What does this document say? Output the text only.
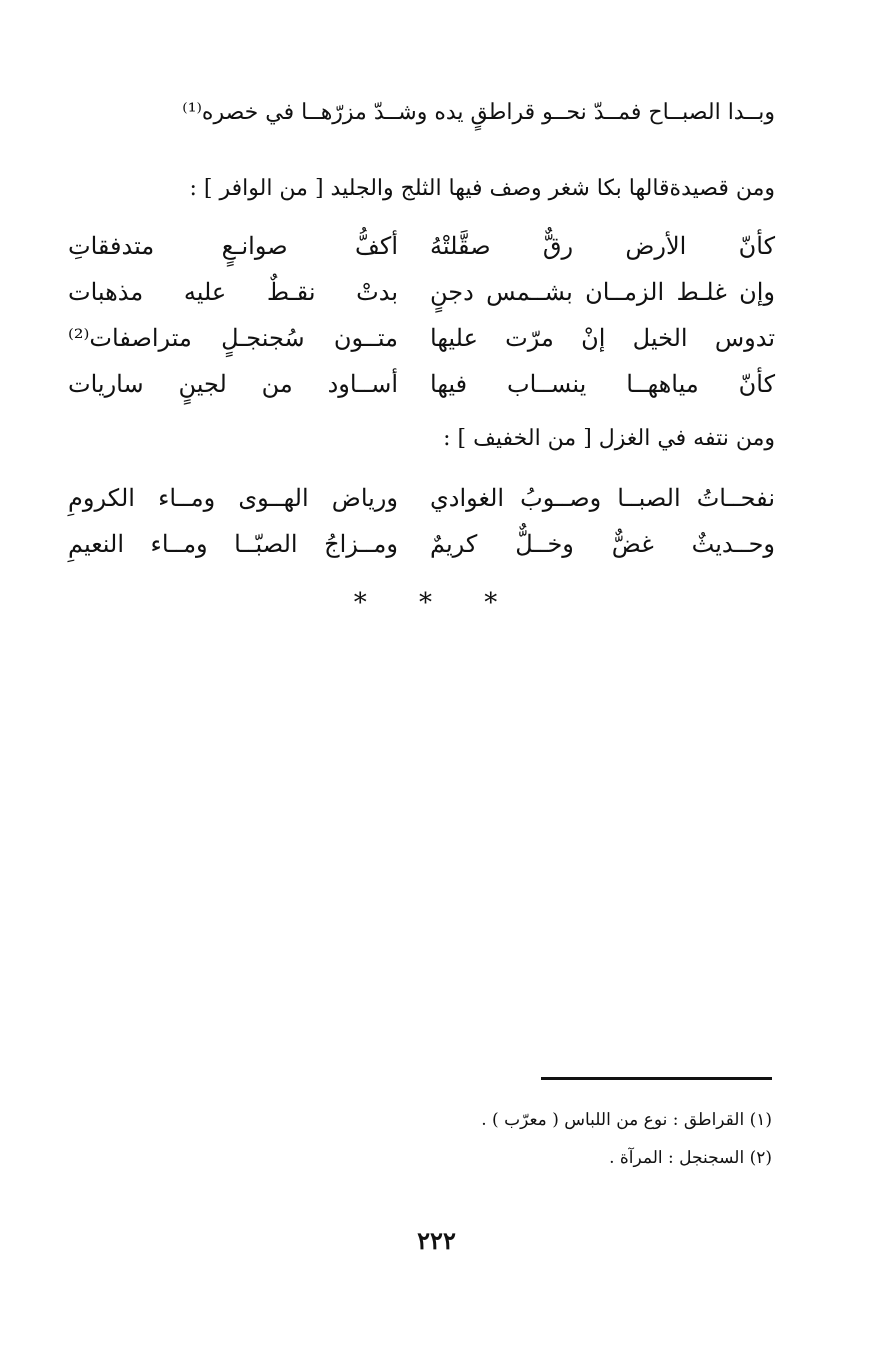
وبــدا الصبــاح فمــدّ نحــو قراطقٍ يده وشــدّ مزرّهــا في خصره⁽¹⁾
ومن قصيدةقالها بكا شغر وصف فيها الثلج والجليد [ من الوافر ] :
كأنّ الأرض رقٌّ صقَّلتْهُ
أكفُّ صوانـعٍ متدفقاتِ
وإن غلـط الزمــان بشــمس دجنٍ
بدتْ نقـطٌ عليه مذهبات
تدوس الخيل إنْ مرّت عليها
متــون سُجنجـلٍ متراصفات⁽²⁾
كأنّ مياههــا ينســاب فيها
أســاود من لجينٍ ساريات
ومن نتفه في الغزل [ من الخفيف ] :
نفحــاتُ الصبــا وصــوبُ الغوادي
ورياض الهــوى ومــاء الكرومِ
وحــديثٌ غضٌّ وخــلٌّ كريمٌ
ومــزاجُ الصبّــا ومــاء النعيمِ
* * *
(١) القراطق : نوع من اللباس ( معرّب ) .
(٢) السجنجل : المرآة .
٢٢٢
